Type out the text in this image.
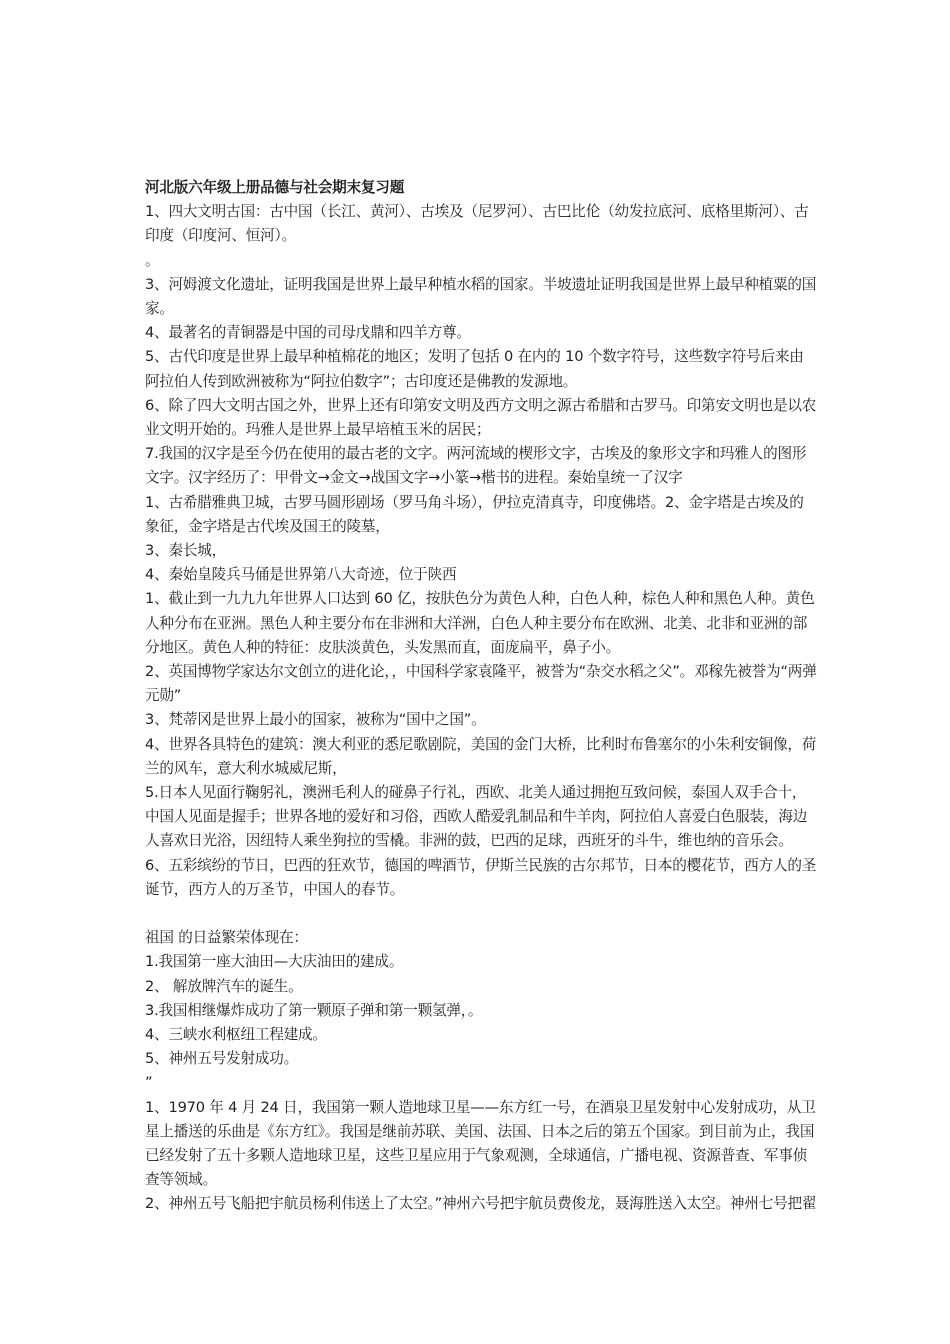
河北版六年级上册品德与社会期末复习题

1、四大文明古国：古中国（长江、黄河）、古埃及（尼罗河）、古巴比伦（幼发拉底河、底格里斯河）、古印度（印度河、恒河）。

。

3、河姆渡文化遗址，证明我国是世界上最早种植水稻的国家。半坡遗址证明我国是世界上最早种植粟的国家。

4、最著名的青铜器是中国的司母戊鼎和四羊方尊。

5、古代印度是世界上最早种植棉花的地区；发明了包括 0 在内的 10 个数字符号，这些数字符号后来由阿拉伯人传到欧洲被称为“阿拉伯数字”；古印度还是佛教的发源地。

6、除了四大文明古国之外，世界上还有印第安文明及西方文明之源古希腊和古罗马。印第安文明也是以农业文明开始的。玛雅人是世界上最早培植玉米的居民；

7.我国的汉字是至今仍在使用的最古老的文字。两河流域的楔形文字，古埃及的象形文字和玛雅人的图形文字。汉字经历了：甲骨文→金文→战国文字→小篆→楷书的进程。秦始皇统一了汉字

1、古希腊雅典卫城，古罗马圆形剧场（罗马角斗场），伊拉克清真寺，印度佛塔。2、金字塔是古埃及的象征，金字塔是古代埃及国王的陵墓，

3、秦长城，

4、秦始皇陵兵马俑是世界第八大奇迹，位于陕西

1、截止到一九九九年世界人口达到 60 亿，按肤色分为黄色人种，白色人种，棕色人种和黑色人种。黄色人种分布在亚洲。黑色人种主要分布在非洲和大洋洲，白色人种主要分布在欧洲、北美、北非和亚洲的部分地区。黄色人种的特征：皮肤淡黄色，头发黑而直，面庞扁平，鼻子小。

2、英国博物学家达尔文创立的进化论，，中国科学家袁隆平，被誉为“杂交水稻之父”。邓稼先被誉为“两弹元勋”

3、梵蒂冈是世界上最小的国家，被称为“国中之国”。

4、世界各具特色的建筑：澳大利亚的悉尼歌剧院，美国的金门大桥，比利时布鲁塞尔的小朱利安铜像，荷兰的风车，意大利水城威尼斯，

5.日本人见面行鞠躬礼，澳洲毛利人的碰鼻子行礼，西欧、北美人通过拥抱互致问候，泰国人双手合十，中国人见面是握手；世界各地的爱好和习俗，西欧人酷爱乳制品和牛羊肉，阿拉伯人喜爱白色服装，海边人喜欢日光浴，因纽特人乘坐狗拉的雪橇。非洲的鼓，巴西的足球，西班牙的斗牛，维也纳的音乐会。

6、五彩缤纷的节日，巴西的狂欢节，德国的啤酒节，伊斯兰民族的古尔邦节，日本的樱花节，西方人的圣诞节，西方人的万圣节，中国人的春节。

祖国 的日益繁荣体现在：

1.我国第一座大油田—大庆油田的建成。

2、 解放牌汽车的诞生。

3.我国相继爆炸成功了第一颗原子弹和第一颗氢弹，。

4、三峡水利枢纽工程建成。

5、神州五号发射成功。

”

1、1970 年 4 月 24 日，我国第一颗人造地球卫星——东方红一号，在酒泉卫星发射中心发射成功，从卫星上播送的乐曲是《东方红》。我国是继前苏联、美国、法国、日本之后的第五个国家。到目前为止，我国已经发射了五十多颗人造地球卫星，这些卫星应用于气象观测，全球通信，广播电视、资源普查、军事侦查等领域。

2、神州五号飞船把宇航员杨利伟送上了太空。”神州六号把宇航员费俊龙，聂海胜送入太空。神州七号把翟
